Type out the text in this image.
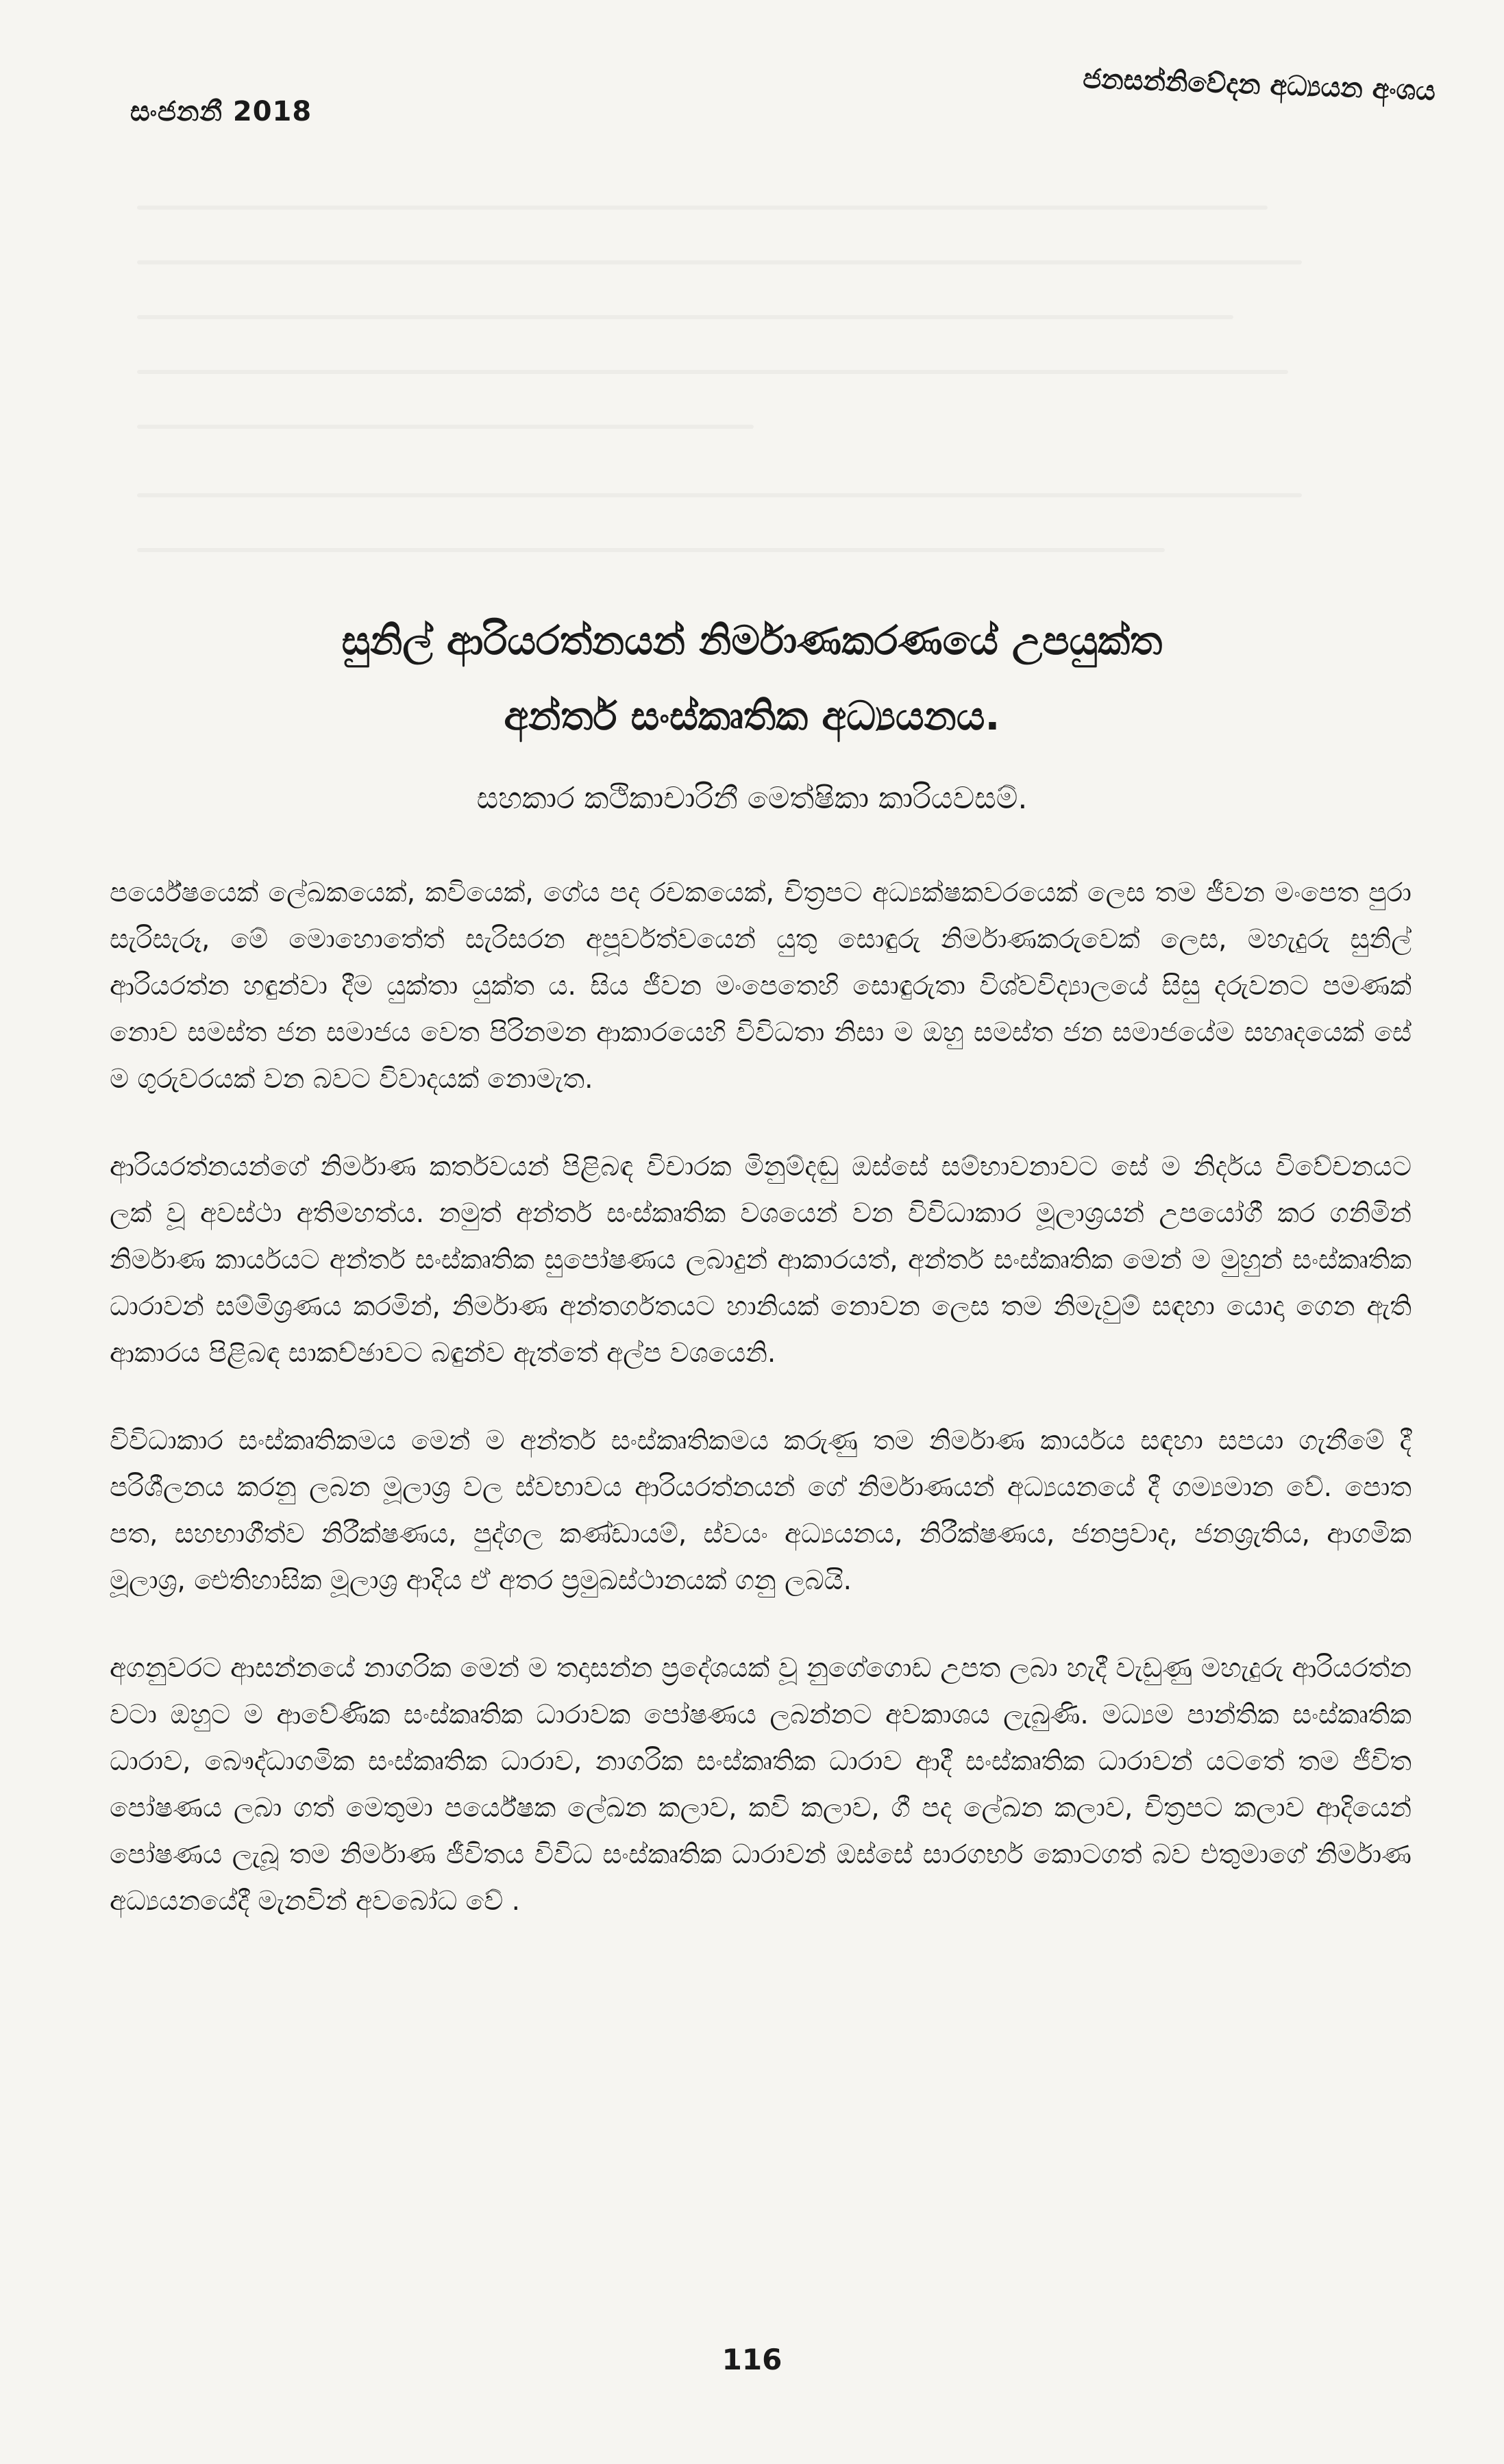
සංජනනී 2018
ජනසන්නිවේදන අධ්‍යයන අංශය

සුනිල් ආරියරත්නයන් නිර්මාණකරණයේ උපයුක්ත

අන්තර් සංස්කෘතික අධ්‍යයනය.

සහකාර කථිකාචාරිනී මෙත්ෂිකා කාරියවසම්.

පර්යේෂයෙක් ලේඛකයෙක්, කවියෙක්, ගේය පද රචකයෙක්, චිත්‍රපට අධ්‍යක්ෂකවරයෙක් ලෙස තම ජීවන මංපෙත පුරා සැරිසැරූ, මේ මොහොතේත් සැරිසරන අපූර්වත්වයෙන් යුතු සොඳුරු නිර්මාණකරුවෙක් ලෙස, මහැදුරු සුනිල් ආරියරත්න හඳුන්වා දීම යුක්තා යුක්ත ය. සිය ජීවන මංපෙතෙහි සොඳුරුතා විශ්වවිද්‍යාලයේ සිසු දරුවනට පමණක් නොව සමස්ත ජන සමාජය වෙත පිරිනමන ආකාරයෙහි විවිධතා නිසා ම ඔහු සමස්ත ජන සමාජයේම සහෘදයෙක් සේ ම ගුරුවරයක් වන බවට විවාදයක් නොමැත.

ආරියරත්නයන්ගේ නිර්මාණ කර්තවයන් පිළිබඳ විචාරක මිනුම්දඬු ඔස්සේ සම්භාවනාවට සේ ම නිර්දය විවේචනයට ලක් වූ අවස්ථා අතිමහත්ය. නමුත් අන්තර් සංස්කෘතික වශයෙන් වන විවිධාකාර මූලාශ්‍රයන් උපයෝගී කර ගනිමින් නිර්මාණ කාර්යයට අන්තර් සංස්කෘතික සුපෝෂණය ලබාදුන් ආකාරයත්, අන්තර් සංස්කෘතික මෙන් ම මුහුන් සංස්කෘතික ධාරාවන් සම්මිශ්‍රණය කරමින්, නිර්මාණ අන්තර්ගතයට හානියක් නොවන ලෙස තම නිමැවුම් සඳහා යොදා ගෙන ඇති ආකාරය පිළිබඳ සාකච්ඡාවට බඳුන්ව ඇත්තේ අල්ප වශයෙනි.

විවිධාකාර සංස්කෘතිකමය මෙන් ම අන්තර් සංස්කෘතිකමය කරුණු තම නිර්මාණ කාර්යය සඳහා සපයා ගැනීමේ දී පරිශීලනය කරනු ලබන මූලාශ්‍ර වල ස්වභාවය ආරියරත්නයන් ගේ නිර්මාණයන් අධ්‍යයනයේ දී ගම්‍යමාන වේ. පොත පත, සහභාගීත්ව නිරීක්ෂණය, පුද්ගල කණ්ඩායම්, ස්වයං අධ්‍යයනය, නිරීක්ෂණය, ජනප්‍රවාද, ජනශ්‍රැතිය, ආගමික මූලාශ්‍ර, ඓතිහාසික මූලාශ්‍ර ආදිය ඒ අතර ප්‍රමුඛස්ථානයක් ගනු ලබයි.

අගනුවරට ආසන්නයේ නාගරික මෙන් ම තදාසන්න ප්‍රදේශයක් වූ නුගේගොඩ උපත ලබා හැදී වැඩුණු මහැදුරු ආරියරත්න වටා ඔහුට ම ආවේණික සංස්කෘතික ධාරාවක පෝෂණය ලබන්නට අවකාශය ලැබුණි. මධ්‍යම පාන්තික සංස්කෘතික ධාරාව, බෞද්ධාගමික සංස්කෘතික ධාරාව, නාගරික සංස්කෘතික ධාරාව ආදී සංස්කෘතික ධාරාවන් යටතේ තම ජීවිත පෝෂණය ලබා ගත් මෙතුමා පර්යේෂක ලේඛන කලාව, කවි කලාව, ගී පද ලේඛන කලාව, චිත්‍රපට කලාව ආදියෙන් පෝෂණය ලැබූ තම නිර්මාණ ජීවිතය විවිධ සංස්කෘතික ධාරාවන් ඔස්සේ සාරගර්භ කොටගත් බව එතුමාගේ නිර්මාණ අධ්‍යයනයේදී මැනවින් අවබෝධ වේ .

116
